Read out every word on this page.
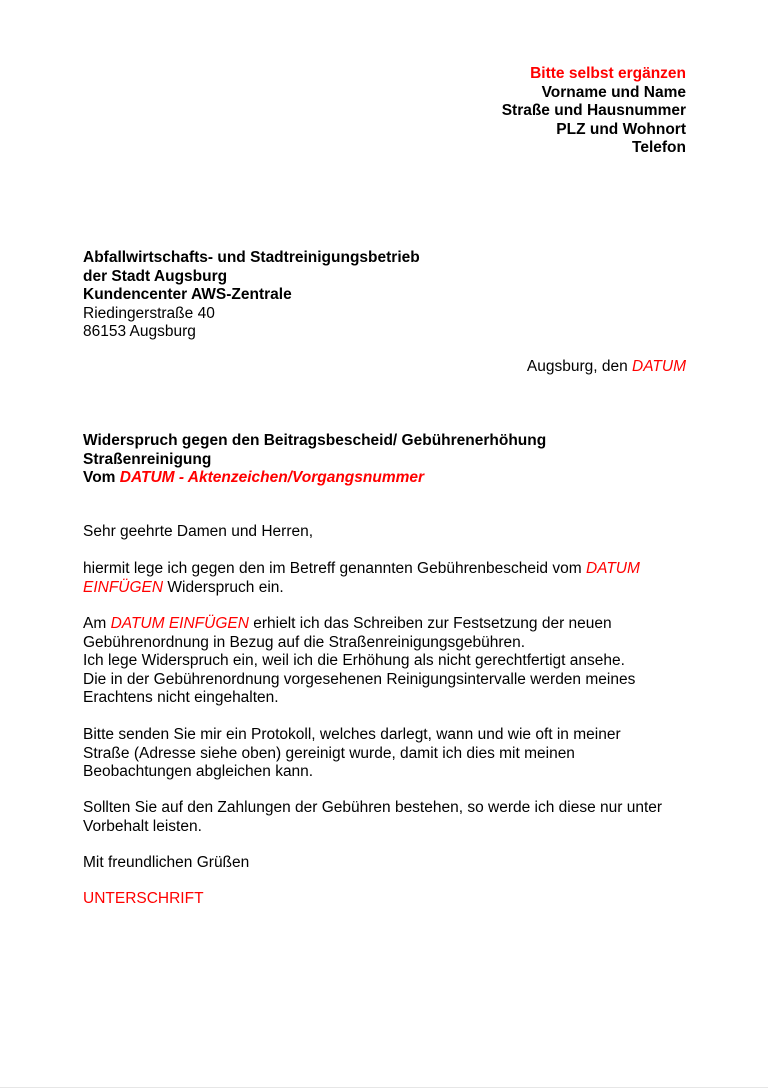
Bitte selbst ergänzen
Vorname und Name
Straße und Hausnummer
PLZ und Wohnort
Telefon
Abfallwirtschafts- und Stadtreinigungsbetrieb
der Stadt Augsburg
Kundencenter AWS-Zentrale
Riedingerstraße 40
86153 Augsburg
Augsburg, den DATUM
Widerspruch gegen den Beitragsbescheid/ Gebührenerhöhung
Straßenreinigung
Vom DATUM - Aktenzeichen/Vorgangsnummer
Sehr geehrte Damen und Herren,
hiermit lege ich gegen den im Betreff genannten Gebührenbescheid vom DATUM
EINFÜGEN Widerspruch ein.
Am DATUM EINFÜGEN erhielt ich das Schreiben zur Festsetzung der neuen
Gebührenordnung in Bezug auf die Straßenreinigungsgebühren.
Ich lege Widerspruch ein, weil ich die Erhöhung als nicht gerechtfertigt ansehe.
Die in der Gebührenordnung vorgesehenen Reinigungsintervalle werden meines
Erachtens nicht eingehalten.
Bitte senden Sie mir ein Protokoll, welches darlegt, wann und wie oft in meiner
Straße (Adresse siehe oben) gereinigt wurde, damit ich dies mit meinen
Beobachtungen abgleichen kann.
Sollten Sie auf den Zahlungen der Gebühren bestehen, so werde ich diese nur unter
Vorbehalt leisten.
Mit freundlichen Grüßen
UNTERSCHRIFT
